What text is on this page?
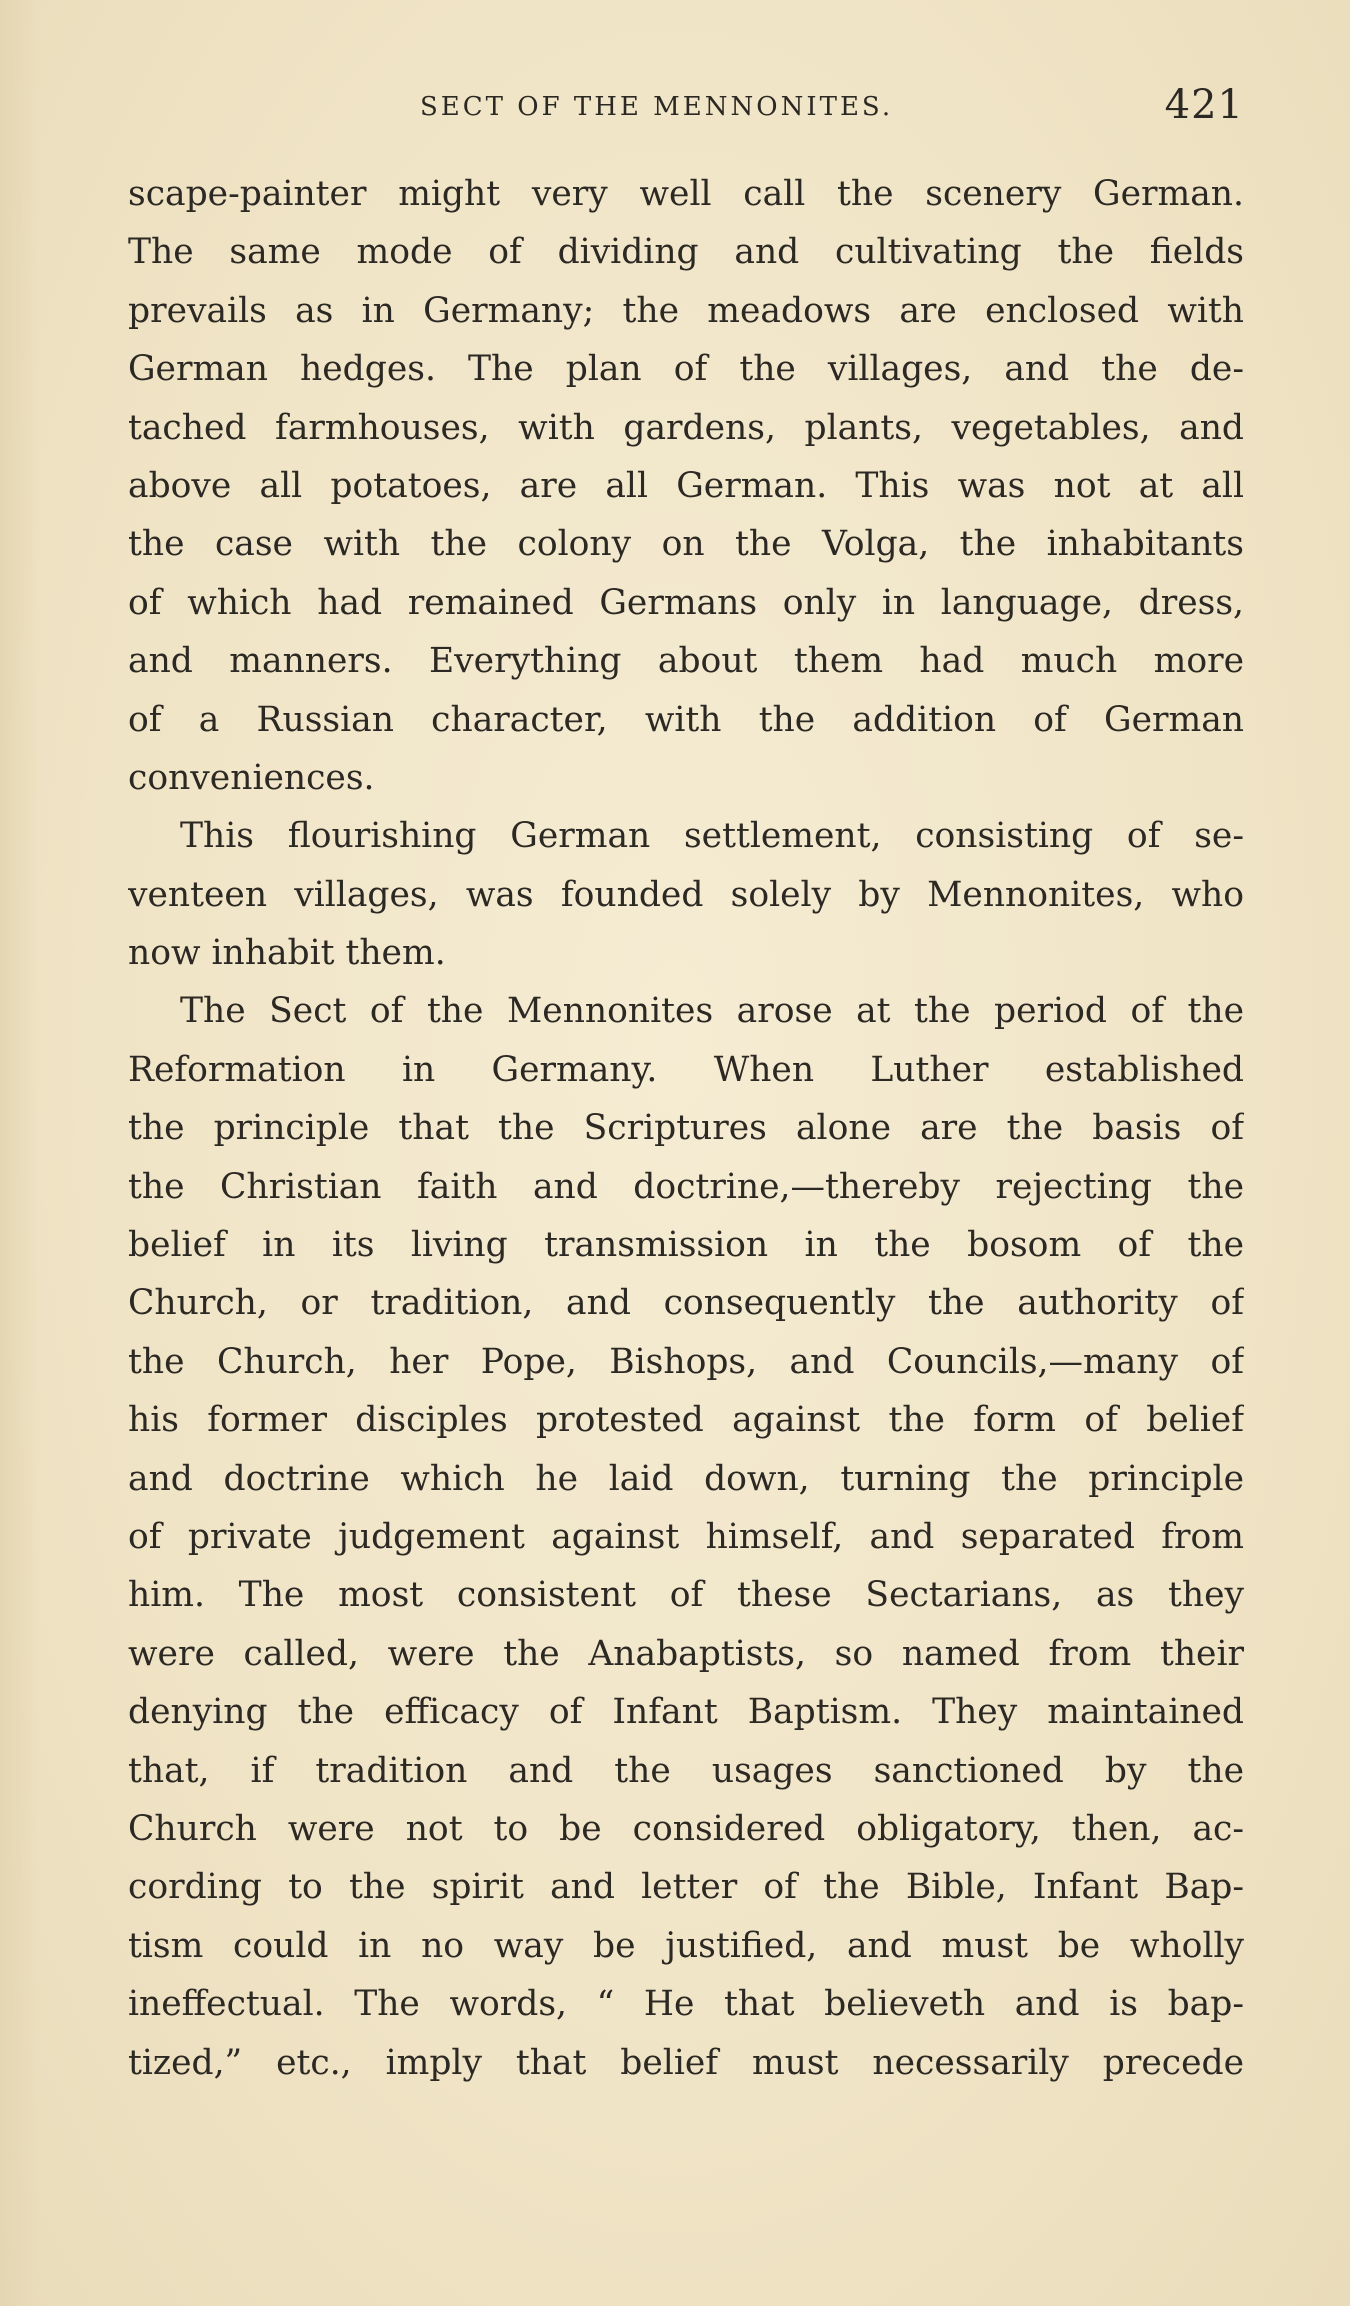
SECT OF THE MENNONITES.	421
scape-painter might very well call the scenery German.
The same mode of dividing and cultivating the fields
prevails as in Germany; the meadows are enclosed with
German hedges. The plan of the villages, and the de-
tached farmhouses, with gardens, plants, vegetables, and
above all potatoes, are all German. This was not at all
the case with the colony on the Volga, the inhabitants
of which had remained Germans only in language, dress,
and manners. Everything about them had much more
of a Russian character, with the addition of German
conveniences.
This flourishing German settlement, consisting of se-
venteen villages, was founded solely by Mennonites, who
now inhabit them.
The Sect of the Mennonites arose at the period of the
Reformation in Germany. When Luther established
the principle that the Scriptures alone are the basis of
the Christian faith and doctrine,—thereby rejecting the
belief in its living transmission in the bosom of the
Church, or tradition, and consequently the authority of
the Church, her Pope, Bishops, and Councils,—many of
his former disciples protested against the form of belief
and doctrine which he laid down, turning the principle
of private judgement against himself, and separated from
him. The most consistent of these Sectarians, as they
were called, were the Anabaptists, so named from their
denying the efficacy of Infant Baptism. They maintained
that, if tradition and the usages sanctioned by the
Church were not to be considered obligatory, then, ac-
cording to the spirit and letter of the Bible, Infant Bap-
tism could in no way be justified, and must be wholly
ineffectual. The words, “ He that believeth and is bap-
tized,” etc., imply that belief must necessarily precede
